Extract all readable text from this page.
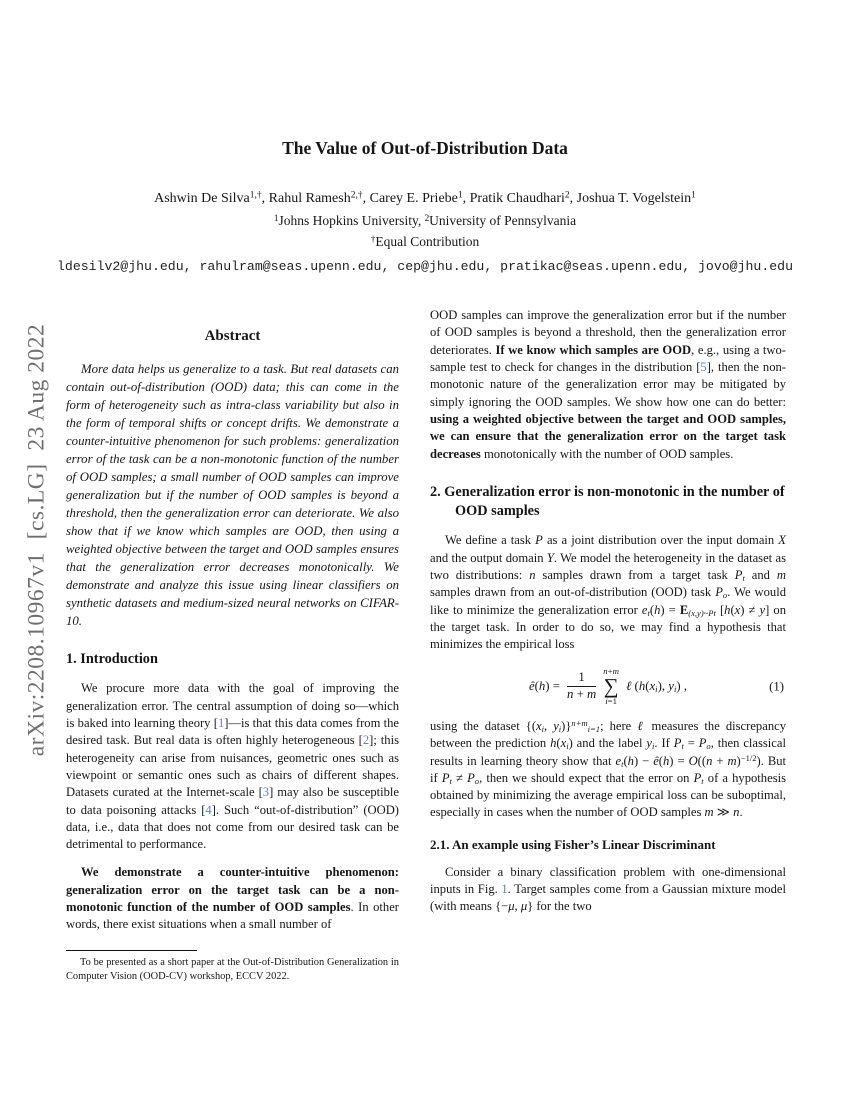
arXiv:2208.10967v1  [cs.LG]  23 Aug 2022
The Value of Out-of-Distribution Data
Ashwin De Silva$^{1,\dagger}$, Rahul Ramesh$^{2,\dagger}$, Carey E. Priebe$^1$, Pratik Chaudhari$^2$, Joshua T. Vogelstein$^1$
$^1$Johns Hopkins University, $^2$University of Pennsylvania
†Equal Contribution
ldesilv2@jhu.edu, rahulram@seas.upenn.edu, cep@jhu.edu, pratikac@seas.upenn.edu, jovo@jhu.edu
Abstract
More data helps us generalize to a task. But real datasets can contain out-of-distribution (OOD) data; this can come in the form of heterogeneity such as intra-class variability but also in the form of temporal shifts or concept drifts. We demonstrate a counter-intuitive phenomenon for such problems: generalization error of the task can be a non-monotonic function of the number of OOD samples; a small number of OOD samples can improve generalization but if the number of OOD samples is beyond a threshold, then the generalization error can deteriorate. We also show that if we know which samples are OOD, then using a weighted objective between the target and OOD samples ensures that the generalization error decreases monotonically. We demonstrate and analyze this issue using linear classifiers on synthetic datasets and medium-sized neural networks on CIFAR-10.
1. Introduction
We procure more data with the goal of improving the generalization error. The central assumption of doing so—which is baked into learning theory [1]—is that this data comes from the desired task. But real data is often highly heterogeneous [2]; this heterogeneity can arise from nuisances, geometric ones such as viewpoint or semantic ones such as chairs of different shapes. Datasets curated at the Internet-scale [3] may also be susceptible to data poisoning attacks [4]. Such “out-of-distribution” (OOD) data, i.e., data that does not come from our desired task can be detrimental to performance.
We demonstrate a counter-intuitive phenomenon: generalization error on the target task can be a non-monotonic function of the number of OOD samples. In other words, there exist situations when a small number of
OOD samples can improve the generalization error but if the number of OOD samples is beyond a threshold, then the generalization error deteriorates. If we know which samples are OOD, e.g., using a two-sample test to check for changes in the distribution [5], then the non-monotonic nature of the generalization error may be mitigated by simply ignoring the OOD samples. We show how one can do better: using a weighted objective between the target and OOD samples, we can ensure that the generalization error on the target task decreases monotonically with the number of OOD samples.
2. Generalization error is non-monotonic in the number of OOD samples
We define a task P as a joint distribution over the input domain X and the output domain Y. We model the heterogeneity in the dataset as two distributions: n samples drawn from a target task $P_t$ and m samples drawn from an out-of-distribution (OOD) task $P_o$. We would like to minimize the generalization error $e_t(h) = E_{(x,y)\sim Pt}$ [h(x) ≠ y] on the target task. In order to do so, we may find a hypothesis that minimizes the empirical loss
ê(h) = $\frac{1}{n + m} n+m$
∑
i=1
ℓ ($h(x_i)$, $y_i$) ,	(1)
using the dataset {($x_i$, $y_i)\}^{n+m}_{i=1}$; here ℓ measures the discrepancy between the prediction $h(x_i)$ and the label $y_i$. If $P_t = P_o$, then classical results in learning theory show that $e_t(h)$ − ê(h) = $O((n + m)^{-1/2})$. But if $P_t \ne P_o$, then we should expect that the error on $P_t$ of a hypothesis obtained by minimizing the average empirical loss can be suboptimal, especially in cases when the number of OOD samples m ≫ n.
2.1. An example using Fisher’s Linear Discriminant
Consider a binary classification problem with one-dimensional inputs in Fig. 1. Target samples come from a Gaussian mixture model (with means {−μ, μ} for the two
To be presented as a short paper at the Out-of-Distribution Generalization in Computer Vision (OOD-CV) workshop, ECCV 2022.
